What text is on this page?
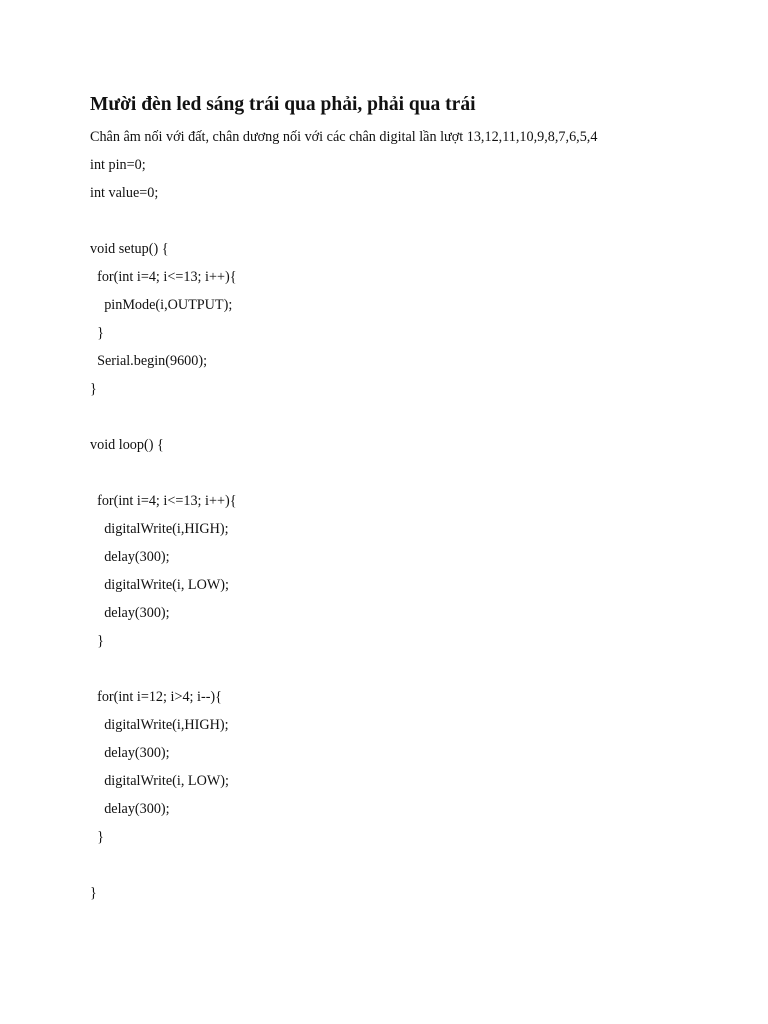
Mười đèn led sáng trái qua phải, phải qua trái

Chân âm nối với đất, chân dương nối với các chân digital lần lượt 13,12,11,10,9,8,7,6,5,4

int pin=0;
int value=0;
void setup() {
for(int i=4; i<=13; i++){
pinMode(i,OUTPUT);
}
Serial.begin(9600);
}
void loop() {
for(int i=4; i<=13; i++){
digitalWrite(i,HIGH);
delay(300);
digitalWrite(i, LOW);
delay(300);
}
for(int i=12; i>4; i--){
digitalWrite(i,HIGH);
delay(300);
digitalWrite(i, LOW);
delay(300);
}
}
